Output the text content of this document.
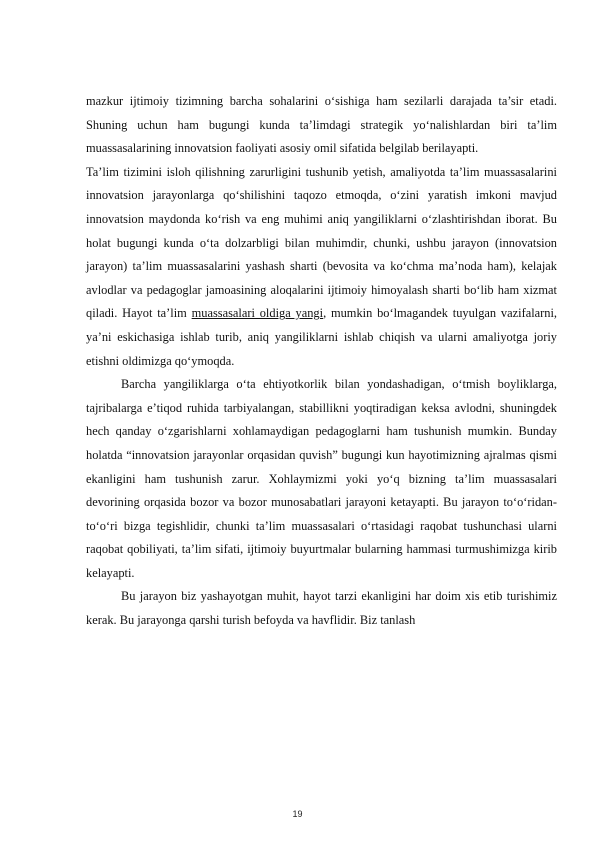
mazkur ijtimoiy tizimning barcha sohalarini o‘sishiga ham sezilarli darajada ta’sir etadi. Shuning uchun ham bugungi kunda ta’limdagi strategik yo‘nalishlardan biri ta’lim muassasalarining innovatsion faoliyati asosiy omil sifatida belgilab berilayapti.

Ta’lim tizimini isloh qilishning zarurligini tushunib yetish, amaliyotda ta’lim muassasalarini innovatsion jarayonlarga qo‘shilishini taqozo etmoqda, o‘zini yaratish imkoni mavjud innovatsion maydonda ko‘rish va eng muhimi aniq yangiliklarni o‘zlashtirishdan iborat. Bu holat bugungi kunda o‘ta dolzarbligi bilan muhimdir, chunki, ushbu jarayon (innovatsion jarayon) ta’lim muassasalarini yashash sharti (bevosita va ko‘chma ma’noda ham), kelajak avlodlar va pedagoglar jamoasining aloqalarini ijtimoiy himoyalash sharti bo‘lib ham xizmat qiladi. Hayot ta’lim muassasalari oldiga yangi, mumkin bo‘lmagandek tuyulgan vazifalarni, ya’ni eskichasiga ishlab turib, aniq yangiliklarni ishlab chiqish va ularni amaliyotga joriy etishni oldimizga qo‘ymoqda.

Barcha yangiliklarga o‘ta ehtiyotkorlik bilan yondashadigan, o‘tmish boyliklarga, tajribalarga e’tiqod ruhida tarbiyalangan, stabillikni yoqtiradigan keksa avlodni, shuningdek hech qanday o‘zgarishlarni xohlamaydigan pedagoglarni ham tushunish mumkin. Bunday holatda “innovatsion jarayonlar orqasidan quvish” bugungi kun hayotimizning ajralmas qismi ekanligini ham tushunish zarur. Xohlaymizmi yoki yo‘q bizning ta’lim muassasalari devorining orqasida bozor va bozor munosabatlari jarayoni ketayapti. Bu jarayon to‘o‘ridan-to‘o‘ri bizga tegishlidir, chunki ta’lim muassasalari o‘rtasidagi raqobat tushunchasi ularni raqobat qobiliyati, ta’lim sifati, ijtimoiy buyurtmalar bularning hammasi turmushimizga kirib kelayapti.

Bu jarayon biz yashayotgan muhit, hayot tarzi ekanligini har doim xis etib turishimiz kerak. Bu jarayonga qarshi turish befoyda va havflidir. Biz tanlash

19
